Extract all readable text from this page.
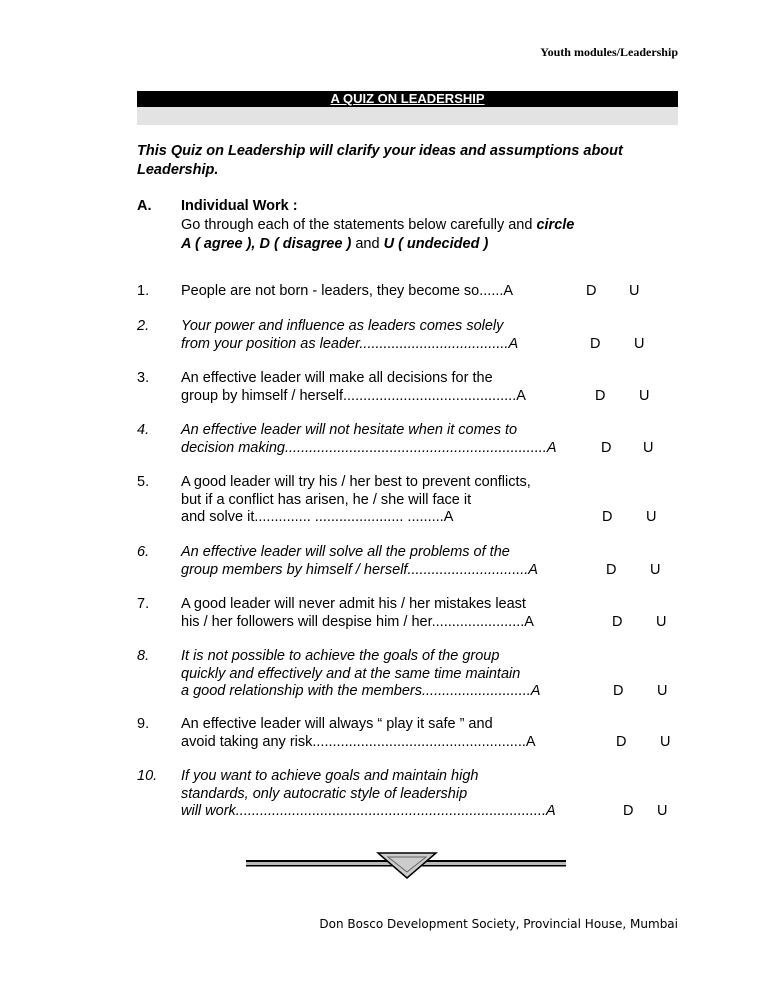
Youth modules/Leadership
A QUIZ ON LEADERSHIP
This Quiz on Leadership will clarify your ideas and assumptions about Leadership.
A. Individual Work :
Go through each of the statements below carefully and circle
A ( agree ), D ( disagree ) and U ( undecided )
1. People are not born - leaders, they become so......A	D U
2. Your power and influence as leaders comes solely
from your position as leader.....................................A	D U
3. An effective leader will make all decisions for the
group by himself / herself...........................................A	D U
4. An effective leader will not hesitate when it comes to
decision making.................................................................A	D U
5. A good leader will try his / her best to prevent conflicts,
but if a conflict has arisen, he / she will face it
and solve it.............. ...................... .........A	D U
6. An effective leader will solve all the problems of the
group members by himself / herself..............................A	D U
7. A good leader will never admit his / her mistakes least
his / her followers will despise him / her.......................A	D U
8. It is not possible to achieve the goals of the group
quickly and effectively and at the same time maintain
a good relationship with the members...........................A	D U
9. An effective leader will always “ play it safe ” and
avoid taking any risk.....................................................A	D U
10. If you want to achieve goals and maintain high
standards, only autocratic style of leadership
will work.............................................................................A	D U
Don Bosco Development Society, Provincial House, Mumbai
